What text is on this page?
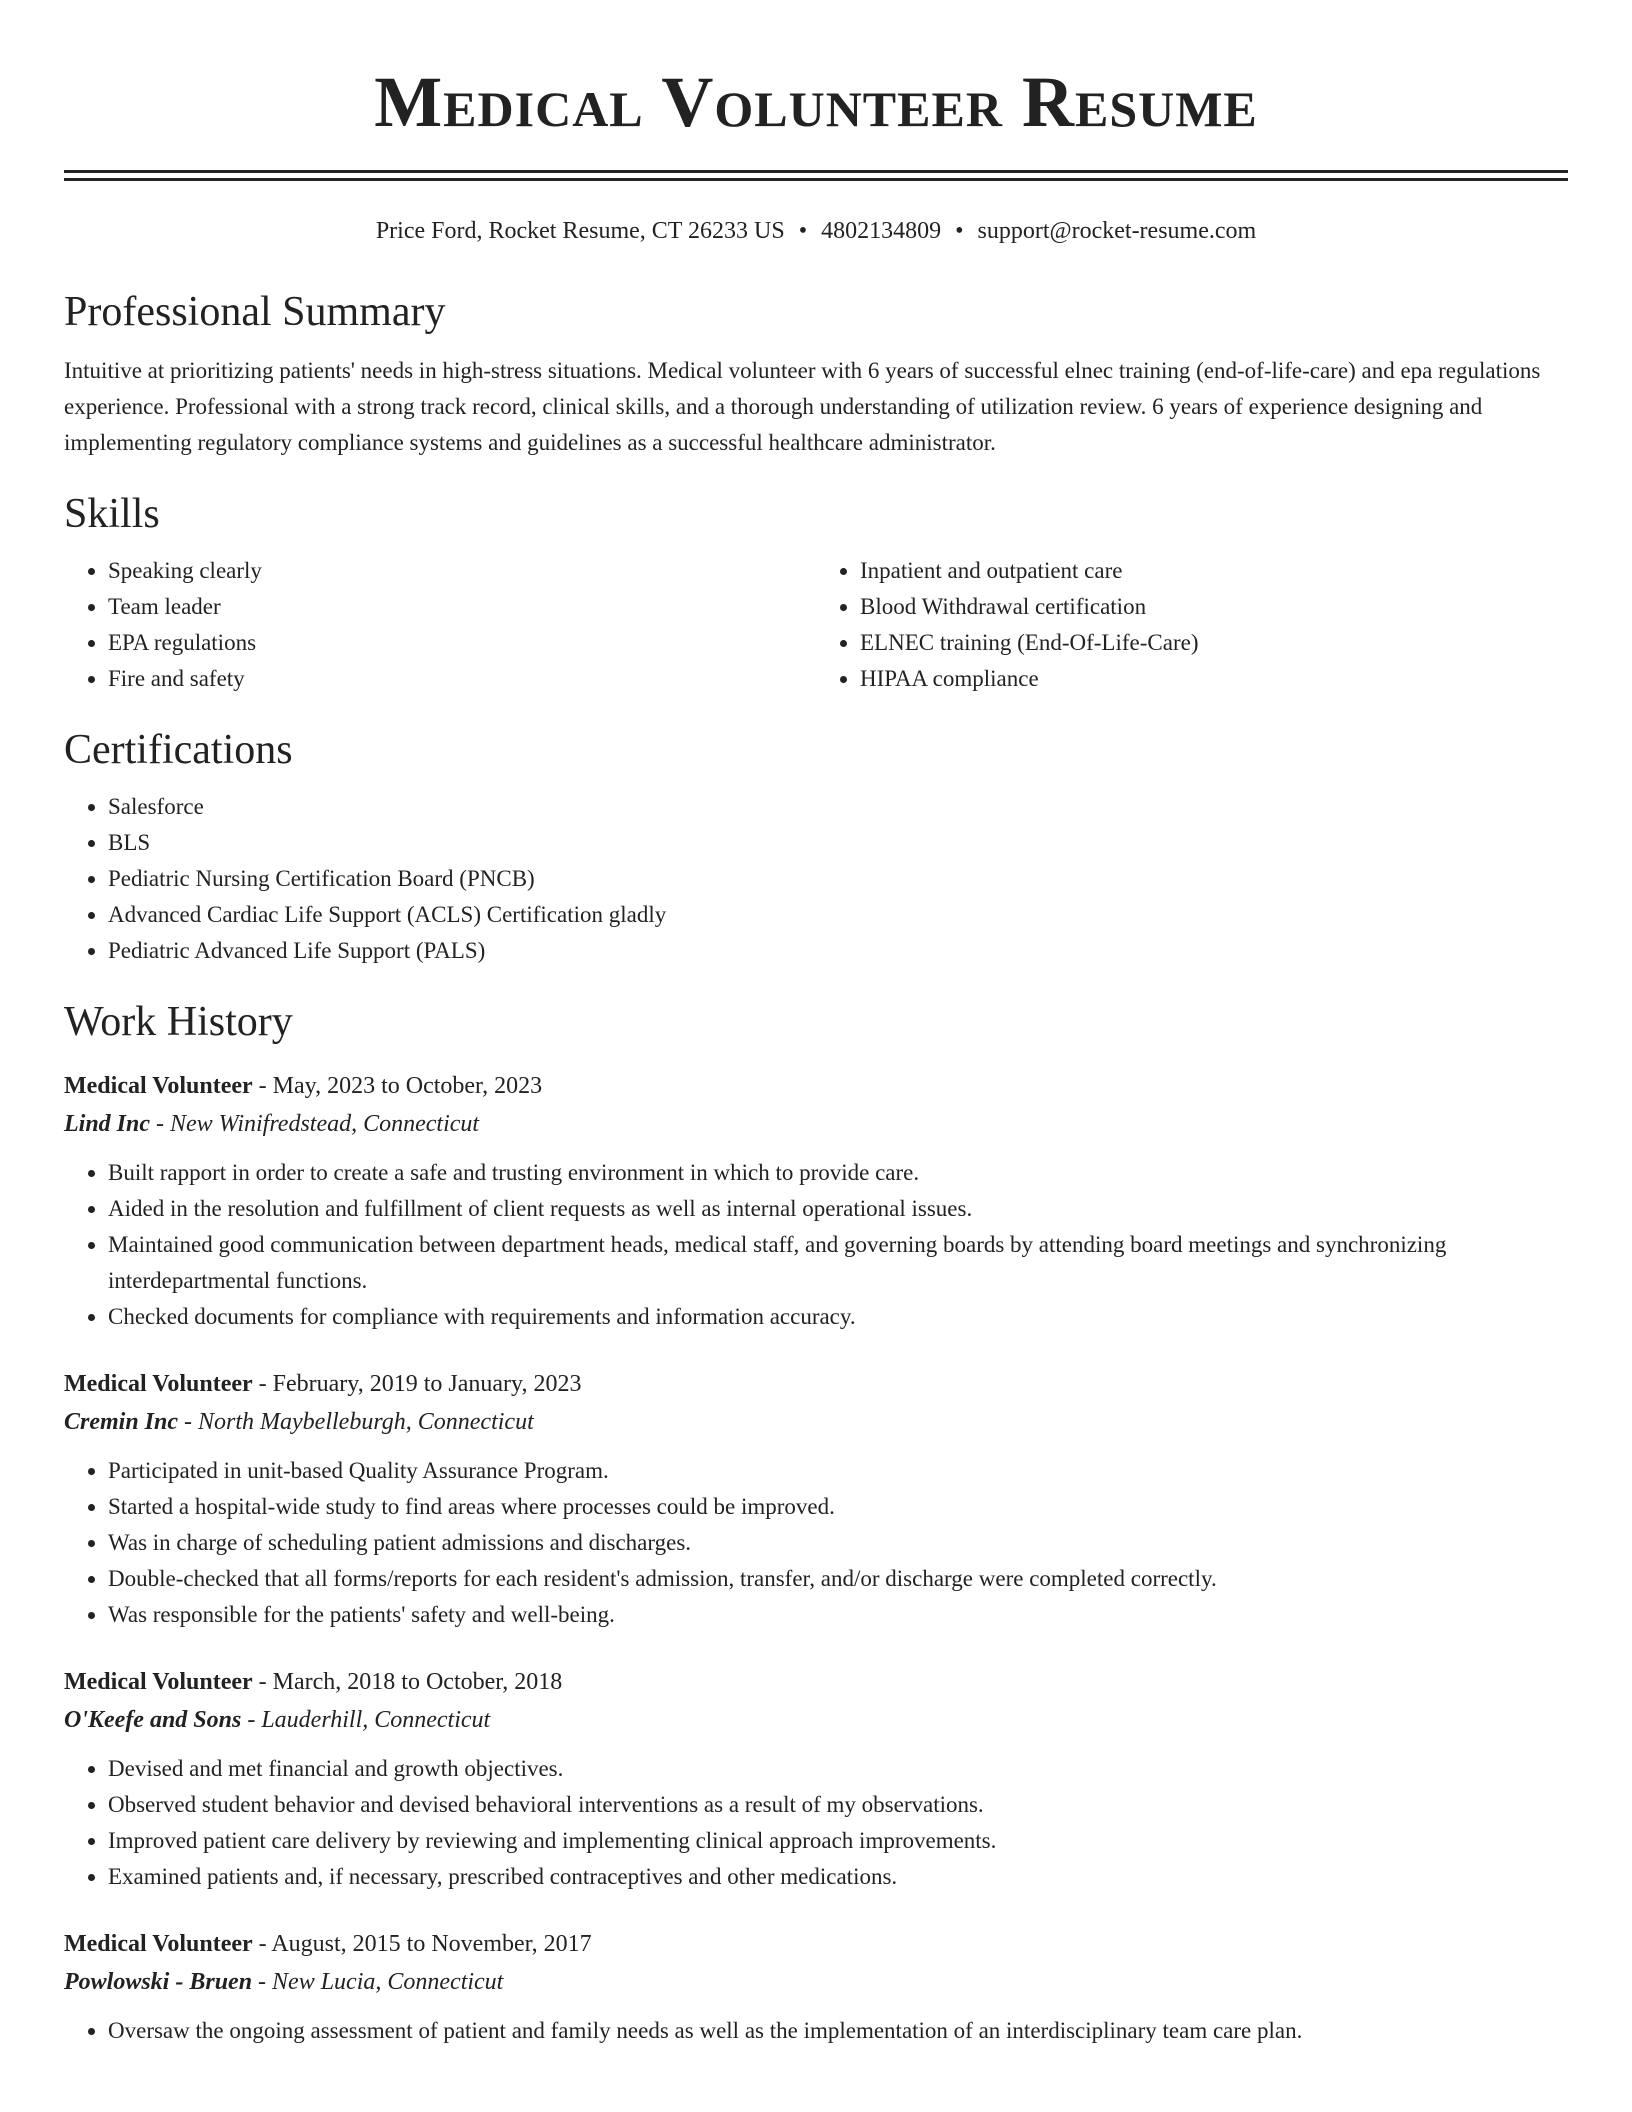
Medical Volunteer Resume
Price Ford, Rocket Resume, CT 26233 US • 4802134809 • support@rocket-resume.com
Professional Summary

Intuitive at prioritizing patients' needs in high-stress situations. Medical volunteer with 6 years of successful elnec training (end-of-life-care) and epa regulations experience. Professional with a strong track record, clinical skills, and a thorough understanding of utilization review. 6 years of experience designing and implementing regulatory compliance systems and guidelines as a successful healthcare administrator.

Skills
• Speaking clearly
• Team leader
• EPA regulations
• Fire and safety
• Inpatient and outpatient care
• Blood Withdrawal certification
• ELNEC training (End-Of-Life-Care)
• HIPAA compliance
Certifications
• Salesforce
• BLS
• Pediatric Nursing Certification Board (PNCB)
• Advanced Cardiac Life Support (ACLS) Certification gladly
• Pediatric Advanced Life Support (PALS)
Work History
Medical Volunteer - May, 2023 to October, 2023
Lind Inc - New Winifredstead, Connecticut
• Built rapport in order to create a safe and trusting environment in which to provide care.
• Aided in the resolution and fulfillment of client requests as well as internal operational issues.
• Maintained good communication between department heads, medical staff, and governing boards by attending board meetings and synchronizing interdepartmental functions.
• Checked documents for compliance with requirements and information accuracy.
Medical Volunteer - February, 2019 to January, 2023
Cremin Inc - North Maybelleburgh, Connecticut
• Participated in unit-based Quality Assurance Program.
• Started a hospital-wide study to find areas where processes could be improved.
• Was in charge of scheduling patient admissions and discharges.
• Double-checked that all forms/reports for each resident's admission, transfer, and/or discharge were completed correctly.
• Was responsible for the patients' safety and well-being.
Medical Volunteer - March, 2018 to October, 2018
O'Keefe and Sons - Lauderhill, Connecticut
• Devised and met financial and growth objectives.
• Observed student behavior and devised behavioral interventions as a result of my observations.
• Improved patient care delivery by reviewing and implementing clinical approach improvements.
• Examined patients and, if necessary, prescribed contraceptives and other medications.
Medical Volunteer - August, 2015 to November, 2017
Powlowski - Bruen - New Lucia, Connecticut
• Oversaw the ongoing assessment of patient and family needs as well as the implementation of an interdisciplinary team care plan.
